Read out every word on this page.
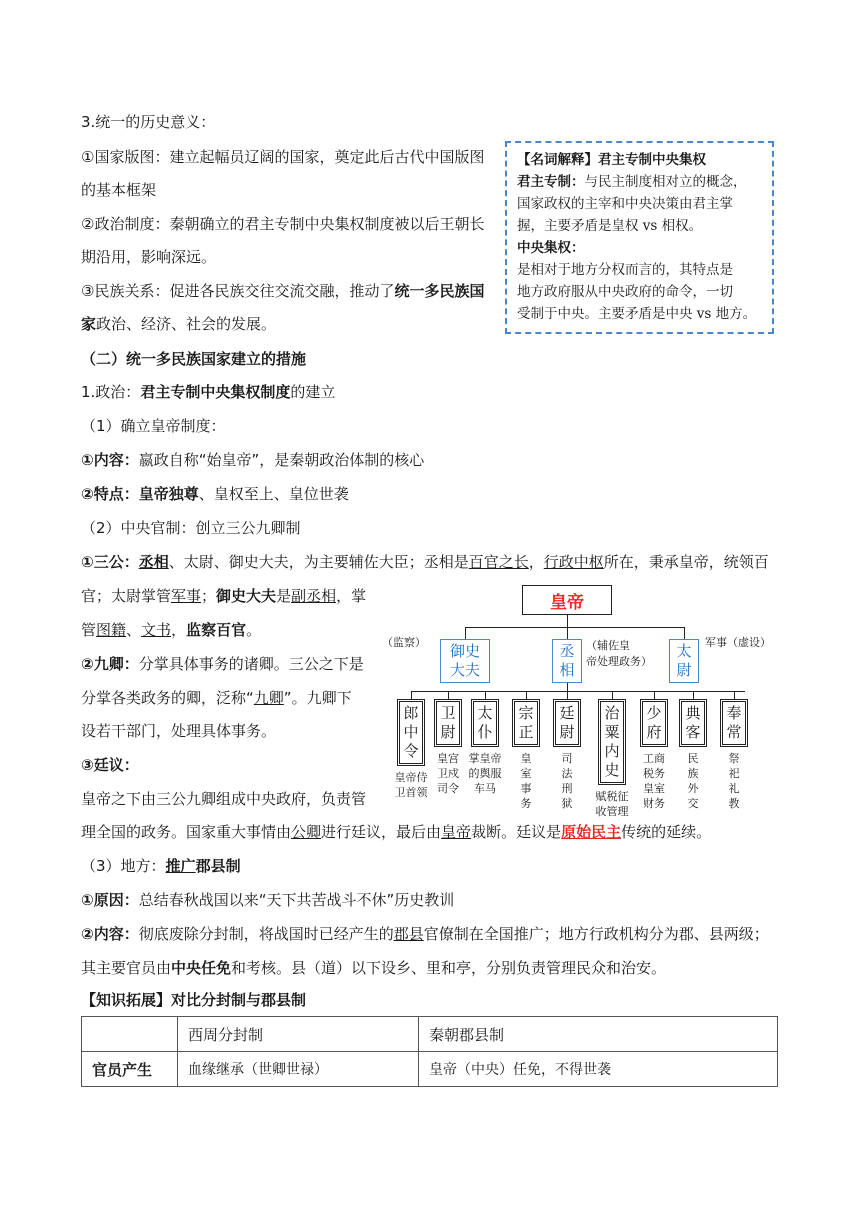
3.统一的历史意义：
①国家版图：建立起幅员辽阔的国家，奠定此后古代中国版图
的基本框架
②政治制度：秦朝确立的君主专制中央集权制度被以后王朝长
期沿用，影响深远。
③民族关系：促进各民族交往交流交融，推动了统一多民族国
家政治、经济、社会的发展。
【名词解释】君主专制中央集权
君主专制：与民主制度相对立的概念，
国家政权的主宰和中央决策由君主掌
握，主要矛盾是皇权 vs 相权。
中央集权：
是相对于地方分权而言的，其特点是
地方政府服从中央政府的命令，一切
受制于中央。主要矛盾是中央 vs 地方。
（二）统一多民族国家建立的措施
1.政治：君主专制中央集权制度的建立
（1）确立皇帝制度：
①内容：嬴政自称“始皇帝”，是秦朝政治体制的核心
②特点：皇帝独尊、皇权至上、皇位世袭
（2）中央官制：创立三公九卿制
①三公：丞相、太尉、御史大夫，为主要辅佐大臣；丞相是百官之长，行政中枢所在，秉承皇帝，统领百
官；太尉掌管军事；御史大夫是副丞相，掌
管图籍、文书，监察百官。
②九卿：分掌具体事务的诸卿。三公之下是
分掌各类政务的卿，泛称“九卿”。九卿下
设若干部门，处理具体事务。
③廷议：
皇帝之下由三公九卿组成中央政府，负责管
理全国的政务。国家重大事情由公卿进行廷议，最后由皇帝裁断。廷议是原始民主传统的延续。
（3）地方：推广郡县制
①原因：总结春秋战国以来“天下共苦战斗不休”历史教训
②内容：彻底废除分封制，将战国时已经产生的郡县官僚制在全国推广；地方行政机构分为郡、县两级；
其主要官员由中央任免和考核。县（道）以下设乡、里和亭，分别负责管理民众和治安。
皇帝
御史
大夫
丞
相
太
尉
（监察）	（辅佐皇
帝处理政务）
军事（虚设）
郎
中
令
皇帝侍
卫首领
卫
尉
皇宫
卫戍
司令
太
仆
掌皇帝
的舆服
车马
宗
正
皇
室
事
务
廷
尉
司
法
刑
狱
治
粟
内
史
赋税征
收管理
少
府
工商
税务
皇室
财务
典
客
民
族
外
交
奉
常
祭
祀
礼
教
【知识拓展】对比分封制与郡县制
	西周分封制	秦朝郡县制
官员产生	血缘继承（世卿世禄）	皇帝（中央）任免，不得世袭
